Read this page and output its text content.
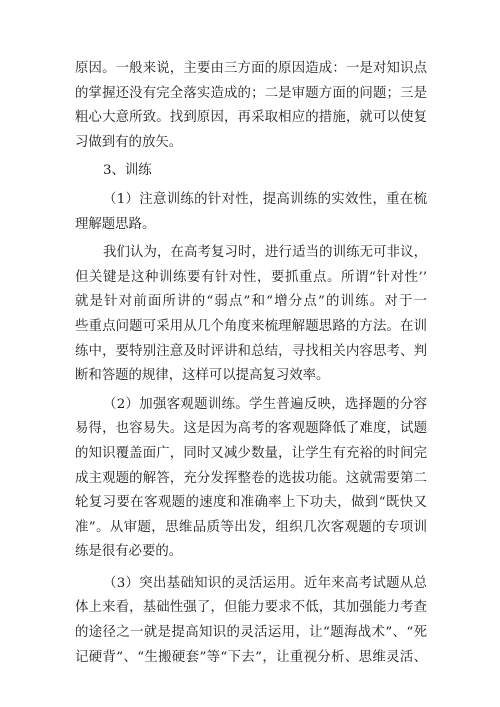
原因。一般来说，主要由三方面的原因造成：一是对知识点
的掌握还没有完全落实造成的；二是审题方面的问题；三是
粗心大意所致。找到原因，再采取相应的措施，就可以使复
习做到有的放矢。
3、训练
（1）注意训练的针对性，提高训练的实效性，重在梳
理解题思路。
我们认为，在高考复习时，进行适当的训练无可非议，
但关键是这种训练要有针对性，要抓重点。所谓“针对性’’
就是针对前面所讲的“弱点”和“增分点”的训练。对于一
些重点问题可采用从几个角度来梳理解题思路的方法。在训
练中，要特别注意及时评讲和总结，寻找相关内容思考、判
断和答题的规律，这样可以提高复习效率。
（2）加强客观题训练。学生普遍反映，选择题的分容
易得，也容易失。这是因为高考的客观题降低了难度，试题
的知识覆盖面广，同时又减少数量，让学生有充裕的时间完
成主观题的解答，充分发挥整卷的选拔功能。这就需要第二
轮复习要在客观题的速度和准确率上下功夫，做到“既快又
准”。从审题，思维品质等出发，组织几次客观题的专项训
练是很有必要的。
（3）突出基础知识的灵活运用。近年来高考试题从总
体上来看，基础性强了，但能力要求不低，其加强能力考查
的途径之一就是提高知识的灵活运用，让“题海战术”、“死
记硬背”、“生搬硬套”等“下去”，让重视分析、思维灵活、
